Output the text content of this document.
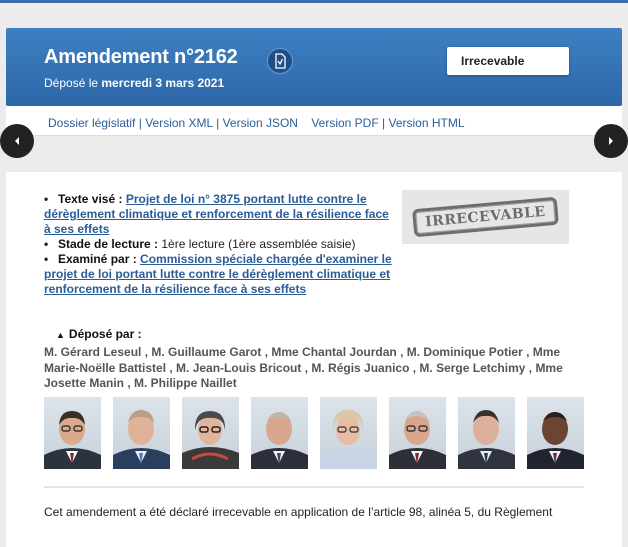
Amendement n°2162
Déposé le mercredi 3 mars 2021
Irrecevable
Dossier législatif | Version XML | Version JSON Version PDF | Version HTML
• Texte visé : Projet de loi n° 3875 portant lutte contre le dérèglement climatique et renforcement de la résilience face à ses effets
• Stade de lecture : 1ère lecture (1ère assemblée saisie)
• Examiné par : Commission spéciale chargée d'examiner le projet de loi portant lutte contre le dérèglement climatique et renforcement de la résilience face à ses effets
IRRECEVABLE
▲ Déposé par :
M. Gérard Leseul , M. Guillaume Garot , Mme Chantal Jourdan , M. Dominique Potier , Mme Marie-Noëlle Battistel , M. Jean-Louis Bricout , M. Régis Juanico , M. Serge Letchimy , Mme Josette Manin , M. Philippe Naillet
Cet amendement a été déclaré irrecevable en application de l’article 98, alinéa 5, du Règlement
